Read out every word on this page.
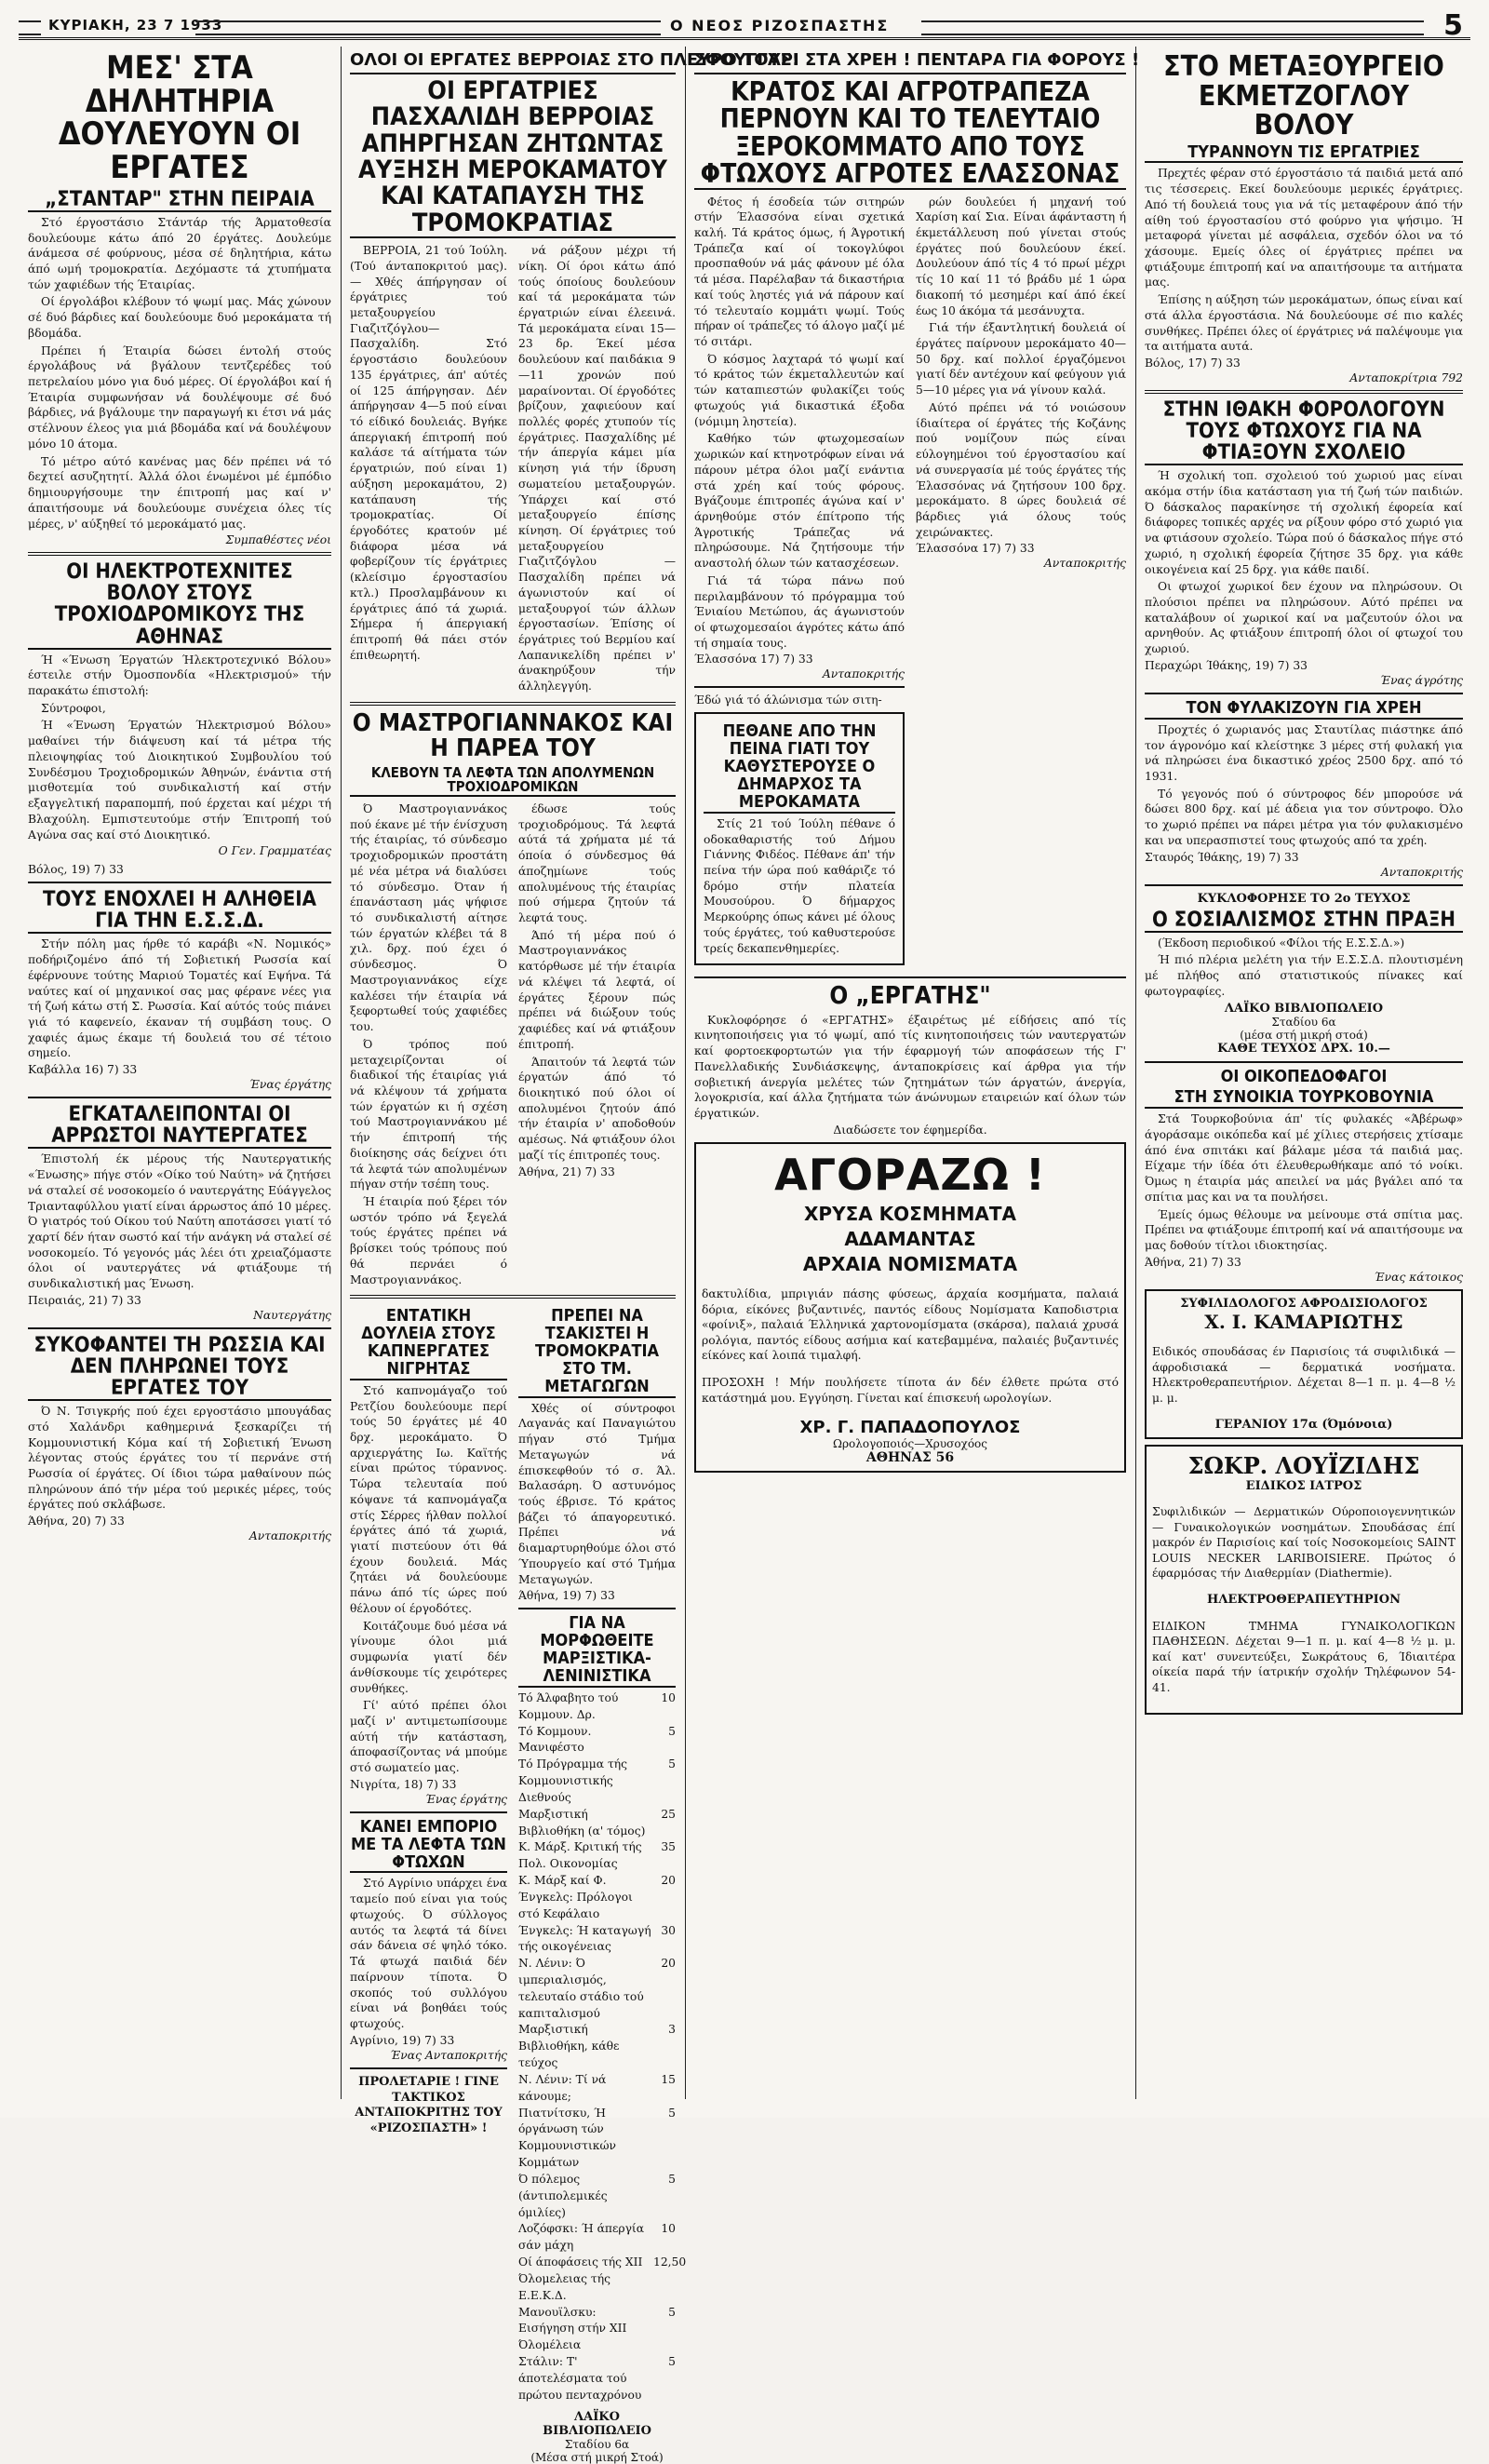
ΚΥΡΙΑΚΗ, 23 7 1933	Ο ΝΕΟΣ ΡΙΖΟΣΠΑΣΤΗΣ	5
ΜΕΣ' ΣΤΑ ΔΗΛΗΤΗΡΙΑ ΔΟΥΛΕΥΟΥΝ ΟΙ ΕΡΓΑΤΕΣ
„ΣΤΑΝΤΑΡ" ΣΤΗΝ ΠΕΙΡΑΙΑ

Στό έργοστάσιο Στάντάρ τής Άρματοθεσία δουλεύουμε κάτω άπό 20 έργάτες. Δουλεύμε άνάμεσα σέ φούρνους, μέσα σέ δηλητήρια, κάτω άπό ωμή τρομοκρατία. Δεχόμαστε τά χτυπήματα τών χαφιέδων τής Έταιρίας.

Οί έργολάβοι κλέβουν τό ψωμί μας. Μάς χώνουν σέ δυό βάρδιες καί δουλεύουμε δυό μεροκάματα τή βδομάδα.

Πρέπει ή Έταιρία δώσει έντολή στούς έργολάβους νά βγάλουν τεντζερέδες τού πετρελαίου μόνο για δυό μέρες. Οί έργολάβοι καί ή Έταιρία συμφωνήσαν νά δουλέψουμε σέ δυό βάρδιες, νά βγάλουμε την παραγωγή κι έτσι νά μάς στέλνουν έλεος για μιά βδομάδα καί νά δουλέψουν μόνο 10 άτομα.

Τό μέτρο αύτό κανένας μας δέν πρέπει νά τό δεχτεί ασυζητητί. Άλλά όλοι ένωμένοι μέ έμπόδιο δημιουργήσουμε την έπιτροπή μας καί ν' άπαιτήσουμε νά δουλεύουμε συνέχεια όλες τίς μέρες, ν' αύξηθεί τό μεροκάματό μας.

Συμπαθέστες νέοι
ΟΙ ΗΛΕΚΤΡΟΤΕΧΝΙΤΕΣ ΒΟΛΟΥ ΣΤΟΥΣ ΤΡΟΧΙΟΔΡΟΜΙΚΟΥΣ ΤΗΣ ΑΘΗΝΑΣ

Ή «Ένωση Έργατών Ήλεκτροτεχνικό Βόλου» έστειλε στήν Όμοσπονδία «Ηλεκτρισμού» τήν παρακάτω έπιστολή:

Σύντροφοι,

Ή «Ένωση Έργατών Ήλεκτρισμού Βόλου» μαθαίνει τήν διάψευση καί τά μέτρα τής πλειοψηφίας τού Διοικητικού Συμβουλίου τού Συνδέσμου Τροχιοδρομικών Άθηνών, ένάντια στή μισθοτεμία τού συνδικαλιστή καί στήν εξαγγελτική παραπομπή, πού έρχεται καί μέχρι τή Βλαχούλη. Εμπιστευτούμε στήν Έπιτροπή τού Αγώνα σας καί στό Διοικητικό.

Ο Γεν. Γραμματέας
Βόλος, 19) 7) 33
ΤΟΥΣ ΕΝΟΧΛΕΙ Η ΑΛΗΘΕΙΑ ΓΙΑ ΤΗΝ Ε.Σ.Σ.Δ.

Στήν πόλη μας ήρθε τό καράβι «Ν. Νομικός» ποδήριζομένο άπό τή Σοβιετική Ρωσσία καί έφέρνουνε τούτης Μαριού Τοματές καί Εψήνα. Τά ναύτες καί οί μηχανικοί σας μας φέρανε νέες για τή ζωή κάτω στή Σ. Ρωσσία. Καί αύτός τούς πιάνει γιά τό καφενείο, έκαναν τή συμβάση τους. Ο χαφιές άμως έκαμε τή δουλειά του σέ τέτοιο σημείο.

Καβάλλα 16) 7) 33
Ένας έργάτης
ΕΓΚΑΤΑΛΕΙΠΟΝΤΑΙ ΟΙ ΑΡΡΩΣΤΟΙ ΝΑΥΤΕΡΓΑΤΕΣ

Έπιστολή έκ μέρους τής Ναυτεργατικής «Ένωσης» πήγε στόν «Οίκο τού Ναύτη» νά ζητήσει νά σταλεί σέ νοσοκομείο ό ναυτεργάτης Εύάγγελος Τριανταφύλλου γιατί είναι άρρωστος άπό 10 μέρες. Ό γιατρός τού Οίκου τού Ναύτη αποτάσσει γιατί τό χαρτί δέν ήταν σωστό καί τήν ανάγκη νά σταλεί σέ νοσοκομείο. Τό γεγονός μάς λέει ότι χρειαζόμαστε όλοι οί ναυτεργάτες νά φτιάξουμε τή συνδικαλιστική μας Ένωση.

Πειραιάς, 21) 7) 33
Ναυτεργάτης
ΣΥΚΟΦΑΝΤΕΙ ΤΗ ΡΩΣΣΙΑ ΚΑΙ ΔΕΝ ΠΛΗΡΩΝΕΙ ΤΟΥΣ ΕΡΓΑΤΕΣ ΤΟΥ

Ό Ν. Τσιγκρής πού έχει εργοστάσιο μπουγάδας στό Χαλάνδρι καθημερινά ξεσκαρίζει τή Κομμουνιστική Κόμα καί τή Σοβιετική Ένωση λέγοντας στούς έργάτες του τί περνάνε στή Ρωσσία οί έργάτες. Οί ίδιοι τώρα μαθαίνουν πώς πληρώνουν άπό τήν μέρα τού μερικές μέρες, τούς έργάτες πού σκλάβωσε.

Άθήνα, 20) 7) 33
Ανταποκριτής
ΟΛΟΙ ΟΙ ΕΡΓΑΤΕΣ ΒΕΡΡΟΙΑΣ ΣΤΟ ΠΛΕΥΡΟ ΤΟΥΣ!
ΟΙ ΕΡΓΑΤΡΙΕΣ ΠΑΣΧΑΛΙΔΗ ΒΕΡΡΟΙΑΣ ΑΠΗΡΓΗΣΑΝ ΖΗΤΩΝΤΑΣ ΑΥΞΗΣΗ ΜΕΡΟΚΑΜΑΤΟΥ ΚΑΙ ΚΑΤΑΠΑΥΣΗ ΤΗΣ ΤΡΟΜΟΚΡΑΤΙΑΣ

ΒΕΡΡΟΙΑ, 21 τού Ίούλη. (Τού άνταποκριτού μας). — Χθές άπήργησαν οί έργάτριες τού μεταξουργείου Γιαζιτζόγλου—Πασχαλίδη. Στό έργοστάσιο δουλεύουν 135 έργάτριες, άπ' αύτές οί 125 άπήργησαν. Δέν άπήργησαν 4—5 πού είναι τό είδικό δουλειάς. Βγήκε άπεργιακή έπιτροπή πού καλάσε τά αίτήματα τών έργατριών, πού είναι 1) αύξηση μεροκαμάτου, 2) κατάπαυση τής τρομοκρατίας. Οί έργοδότες κρατούν μέ διάφορα μέσα νά φοβερίζουν τίς έργάτριες (κλείσιμο έργοστασίου κτλ.) Προσλαμβάνουν κι έργάτριες άπό τά χωριά. Σήμερα ή άπεργιακή έπιτροπή θά πάει στόν έπιθεωρητή.

νά ράξουν μέχρι τή νίκη. Οί όροι κάτω άπό τούς όποίους δουλεύουν καί τά μεροκάματα τών έργατριών είναι έλεεινά. Τά μεροκάματα είναι 15—23 δρ. Έκεί μέσα δουλεύουν καί παιδάκια 9—11 χρονών πού μαραίνονται. Οί έργοδότες βρίζουν, χαφιεύουν καί πολλές φορές χτυπούν τίς έργάτριες. Πασχαλίδης μέ τήν άπεργία κάμει μία κίνηση γιά τήν ίδρυση σωματείου μεταξουργών. Ύπάρχει καί στό μεταξουργείο έπίσης κίνηση. Οί έργάτριες τού μεταξουργείου Γιαζιτζόγλου — Πασχαλίδη πρέπει νά άγωνιστούν καί οί μεταξουργοί τών άλλων έργοστασίων. Έπίσης οί έργάτριες τού Βερμίου καί Λαπανικελίδη πρέπει ν' άνακηρύξουν τήν άλληλεγγύη.

Ο ΜΑΣΤΡΟΓΙΑΝΝΑΚΟΣ ΚΑΙ Η ΠΑΡΕΑ ΤΟΥ
ΚΛΕΒΟΥΝ ΤΑ ΛΕΦΤΑ ΤΩΝ ΑΠΟΛΥΜΕΝΩΝ ΤΡΟΧΙΟΔΡΟΜΙΚΩΝ

Ό Μαστρογιαννάκος πού έκανε μέ τήν ένίσχυση τής έταιρίας, τό σύνδεσμο τροχιοδρομικών προστάτη μέ νέα μέτρα νά διαλύσει τό σύνδεσμο. Όταν ή έπανάσταση μάς ψήφισε τό συνδικαλιστή αίτησε τών έργατών κλέβει τά 8 χιλ. δρχ. πού έχει ό σύνδεσμος. Ό Μαστρογιαννάκος είχε καλέσει τήν έταιρία νά ξεφορτωθεί τούς χαφιέδες του.

Ό τρόπος πού μεταχειρίζονται οί διαδικοί τής έταιρίας γιά νά κλέψουν τά χρήματα τών έργατών κι ή σχέση τού Μαστρογιαννάκου μέ τήν έπιτροπή τής διοίκησης σάς δείχνει ότι τά λεφτά τών απολυμένων πήγαν στήν τσέπη τους.

Ή έταιρία πού ξέρει τόν ωστόν τρόπο νά ξεγελά τούς έργάτες πρέπει νά βρίσκει τούς τρόπους πού θά περνάει ό Μαστρογιαννάκος.

έδωσε τούς τροχιοδρόμους. Τά λεφτά αύτά τά χρήματα μέ τά όποία ό σύνδεσμος θά άποζημίωνε τούς απολυμένους τής έταιρίας πού σήμερα ζητούν τά λεφτά τους.

Άπό τή μέρα πού ό Μαστρογιαννάκος κατόρθωσε μέ τήν έταιρία νά κλέψει τά λεφτά, οί έργάτες ξέρουν πώς πρέπει νά διώξουν τούς χαφιέδες καί νά φτιάξουν έπιτροπή.

Άπαιτούν τά λεφτά τών έργατών άπό τό διοικητικό πού όλοι οί απολυμένοι ζητούν άπό τήν έταιρία ν' αποδοθούν αμέσως. Νά φτιάξουν όλοι μαζί τίς έπιτροπές τους.

Άθήνα, 21) 7) 33
ΕΝΤΑΤΙΚΗ ΔΟΥΛΕΙΑ ΣΤΟΥΣ ΚΑΠΝΕΡΓΑΤΕΣ ΝΙΓΡΗΤΑΣ

Στό καπνομάγαζο τού Ρετζίου δουλεύουμε περί τούς 50 έργάτες μέ 40 δρχ. μεροκάματο. Ό αρχιεργάτης Ιω. Καϊτής είναι πρώτος τύραννος. Τώρα τελευταία πού κόψανε τά καπνομάγαζα στίς Σέρρες ήλθαν πολλοί έργάτες άπό τά χωριά, γιατί πιστεύουν ότι θά έχουν δουλειά. Μάς ζητάει νά δουλεύουμε πάνω άπό τίς ώρες πού θέλουν οί έργοδότες.

Κοιτάζουμε δυό μέσα νά γίνουμε όλοι μιά συμφωνία γιατί δέν άνθίσκουμε τίς χειρότερες συνθήκες.

Γί' αύτό πρέπει όλοι μαζί ν' αντιμετωπίσουμε αύτή τήν κατάσταση, άποφασίζοντας νά μπούμε στό σωματείο μας.

Νιγρίτα, 18) 7) 33
Ένας έργάτης
ΚΑΝΕΙ ΕΜΠΟΡΙΟ ΜΕ ΤΑ ΛΕΦΤΑ ΤΩΝ ΦΤΩΧΩΝ

Στό Αγρίνιο υπάρχει ένα ταμείο πού είναι για τούς φτωχούς. Ό σύλλογος αυτός τα λεφτά τά δίνει σάν δάνεια σέ ψηλό τόκο. Τά φτωχά παιδιά δέν παίρνουν τίποτα. Ό σκοπός τού συλλόγου είναι νά βοηθάει τούς φτωχούς.

Αγρίνιο, 19) 7) 33
Ένας Ανταποκριτής
ΠΡΟΛΕΤΑΡΙΕ ! ΓΙΝΕ ΤΑΚΤΙΚΟΣ ΑΝΤΑΠΟΚΡΙΤΗΣ ΤΟΥ «ΡΙΖΟΣΠΑΣΤΗ» !
ΠΡΕΠΕΙ ΝΑ ΤΣΑΚΙΣΤΕΙ Η ΤΡΟΜΟΚΡΑΤΙΑ ΣΤΟ ΤΜ. ΜΕΤΑΓΩΓΩΝ

Χθές οί σύντροφοι Λαγανάς καί Παναγιώτου πήγαν στό Τμήμα Μεταγωγών νά έπισκεφθούν τό σ. Άλ. Βαλασάρη. Ό αστυνόμος τούς έβρισε. Τό κράτος βάζει τό άπαγορευτικό. Πρέπει νά διαμαρτυρηθούμε όλοι στό Ύπουργείο καί στό Τμήμα Μεταγωγών.

Άθήνα, 19) 7) 33
ΓΙΑ ΝΑ ΜΟΡΦΩΘΕΙΤΕ ΜΑΡΞΙΣΤΙΚΑ-ΛΕΝΙΝΙΣΤΙΚΑ
Τό Άλφαβητο τού Κομμουν. Δρ.
10
Τό Κομμουν. Μανιφέστο
5
Τό Πρόγραμμα τής Κομμουνιστικής Διεθνούς
5
Μαρξιστική Βιβλιοθήκη (α' τόμος)
25
Κ. Μάρξ. Κριτική τής Πολ. Οικονομίας
35
Κ. Μάρξ καί Φ. Ένγκελς: Πρόλογοι στό Κεφάλαιο
20
Ένγκελς: Ή καταγωγή τής οικογένειας
30
Ν. Λένιν: Ό ιμπεριαλισμός, τελευταίο στάδιο τού καπιταλισμού
20
Μαρξιστική Βιβλιοθήκη, κάθε τεύχος
3
Ν. Λένιν: Τί νά κάνουμε;
15
Πιατνίτσκυ, Ή όργάνωση τών Κομμουνιστικών Κομμάτων
5
Ό πόλεμος (άντιπολεμικές όμιλίες)
5
Λοζόφσκι: Ή άπεργία σάν μάχη
10
Οί άποφάσεις τής XII Όλομελειας τής Ε.Ε.Κ.Δ.
12,50
Μανουϊλσκυ: Εισήγηση στήν XII Όλομέλεια
5
Στάλιν: Τ' άποτελέσματα τού πρώτου πενταχρόνου
5
ΛΑΪΚΟ ΒΙΒΛΙΟΠΩΛΕΙΟ
Σταδίου 6α
(Μέσα στή μικρή Στοά)
ΣΦΟΥΓΓΑΡΙ ΣΤΑ ΧΡΕΗ ! ΠΕΝΤΑΡΑ ΓΙΑ ΦΟΡΟΥΣ !
ΚΡΑΤΟΣ ΚΑΙ ΑΓΡΟΤΡΑΠΕΖΑ ΠΕΡΝΟΥΝ ΚΑΙ ΤΟ ΤΕΛΕΥΤΑΙΟ ΞΕΡΟΚΟΜΜΑΤΟ ΑΠΟ ΤΟΥΣ ΦΤΩΧΟΥΣ ΑΓΡΟΤΕΣ ΕΛΑΣΣΟΝΑΣ

Φέτος ή έσοδεία τών σιτηρών στήν Έλασσόνα είναι σχετικά καλή. Τά κράτος όμως, ή Άγροτική Τράπεζα καί οί τοκογλύφοι προσπαθούν νά μάς φάνουν μέ όλα τά μέσα. Παρέλαβαν τά δικαστήρια καί τούς ληστές γιά νά πάρουν καί τό τελευταίο κομμάτι ψωμί. Τούς πήραν οί τράπεζες τό άλογο μαζί μέ τό σιτάρι.

Ό κόσμος λαχταρά τό ψωμί καί τό κράτος τών έκμεταλλευτών καί τών καταπιεστών φυλακίζει τούς φτωχούς γιά δικαστικά έξοδα (νόμιμη ληστεία).

Καθήκο τών φτωχομεσαίων χωρικών καί κτηνοτρόφων είναι νά πάρουν μέτρα όλοι μαζί ενάντια στά χρέη καί τούς φόρους. Βγάζουμε έπιτροπές άγώνα καί ν' άρνηθούμε στόν έπίτροπο τής Άγροτικής Τράπεζας νά πληρώσουμε. Νά ζητήσουμε τήν αναστολή όλων τών κατασχέσεων.

Γιά τά τώρα πάνω πού περιλαμβάνουν τό πρόγραμμα τού Ένιαίου Μετώπου, άς άγωνιστούν οί φτωχομεσαίοι άγρότες κάτω άπό τή σημαία τους.

Έλασσόνα 17) 7) 33
Ανταποκριτής
Έδώ γιά τό άλώνισμα τών σιτη-
ΠΕΘΑΝΕ ΑΠΟ ΤΗΝ ΠΕΙΝΑ ΓΙΑΤΙ ΤΟΥ ΚΑΘΥΣΤΕΡΟΥΣΕ Ο ΔΗΜΑΡΧΟΣ ΤΑ ΜΕΡΟΚΑΜΑΤΑ

Στίς 21 τού Ίούλη πέθανε ό οδοκαθαριστής τού Δήμου Γιάννης Φιδέος. Πέθανε άπ' τήν πείνα τήν ώρα πού καθάριζε τό δρόμο στήν πλατεία Μουσούρου. Ό δήμαρχος Μερκούρης όπως κάνει μέ όλους τούς έργάτες, τού καθυστερούσε τρείς δεκαπενθημερίες.

ρών δουλεύει ή μηχανή τού Χαρίση καί Σια. Είναι άφάνταστη ή έκμετάλλευση πού γίνεται στούς έργάτες πού δουλεύουν έκεί. Δουλεύουν άπό τίς 4 τό πρωί μέχρι τίς 10 καί 11 τό βράδυ μέ 1 ώρα διακοπή τό μεσημέρι καί άπό έκεί έως 10 άκόμα τά μεσάνυχτα.

Γιά τήν έξαντλητική δουλειά οί έργάτες παίρνουν μεροκάματο 40—50 δρχ. καί πολλοί έργαζόμενοι γιατί δέν αντέχουν καί φεύγουν γιά 5—10 μέρες για νά γίνουν καλά.

Αύτό πρέπει νά τό νοιώσουν ίδιαίτερα οί έργάτες τής Κοζάνης πού νομίζουν πώς είναι εύλογημένοι τού έργοστασίου καί νά συνεργασία μέ τούς έργάτες τής Έλασσόνας νά ζητήσουν 100 δρχ. μεροκάματο. 8 ώρες δουλειά σέ βάρδιες γιά όλους τούς χειρώνακτες.

Έλασσόνα 17) 7) 33
Ανταποκριτής
Ο „ΕΡΓΑΤΗΣ"

Κυκλοφόρησε ό «ΕΡΓΑΤΗΣ» έξαιρέτως μέ είδήσεις από τίς κινητοποιήσεις για τό ψωμί, από τίς κινητοποιήσεις τών ναυτεργατών καί φορτοεκφορτωτών για τήν έφαρμογή τών αποφάσεων τής Γ' Πανελλαδικής Συνδιάσκεψης, άνταποκρίσεις καί άρθρα για τήν σοβιετική άνεργία μελέτες τών ζητημάτων τών άργατών, άνεργία, λογοκρισία, καί άλλα ζητήματα τών άνώνυμων εταιρειών καί όλων τών έργατικών.

Διαδώσετε τον έφημερίδα.
ΑΓΟΡΑΖΩ !
ΧΡΥΣΑ ΚΟΣΜΗΜΑΤΑ
ΑΔΑΜΑΝΤΑΣ
ΑΡΧΑΙΑ ΝΟΜΙΣΜΑΤΑ

δακτυλίδια, μπριγιάν πάσης φύσεως, άρχαία κοσμήματα, παλαιά δόρια, είκόνες βυζαντινές, παντός είδους Νομίσματα Καποδιστρια «φοίνιξ», παλαιά Έλληνικά χαρτονομίσματα (σκάρσα), παλαιά χρυσά ρολόγια, παντός είδους ασήμια καί κατεβαμμένα, παλαιές βυζαντινές είκόνες καί λοιπά τιμαλφή.

ΠΡΟΣΟΧΗ ! Μήν πουλήσετε τίποτα άν δέν έλθετε πρώτα στό κατάστημά μου. Εγγύηση. Γίνεται καί έπισκευή ωρολογίων.

ΧΡ. Γ. ΠΑΠΑΔΟΠΟΥΛΟΣ
Ωρολογοποιός—Χρυσοχόος
ΑΘΗΝΑΣ 56
ΣΤΟ ΜΕΤΑΞΟΥΡΓΕΙΟ ΕΚΜΕΤΖΟΓΛΟΥ ΒΟΛΟΥ
ΤΥΡΑΝΝΟΥΝ ΤΙΣ ΕΡΓΑΤΡΙΕΣ

Πρεχτές φέραν στό έργοστάσιο τά παιδιά μετά από τις τέσσερεις. Εκεί δουλεύουμε μερικές έργάτριες. Από τή δουλειά τους για νά τίς μεταφέρουν άπό τήν αίθη τού έργοστασίου στό φούρνο για ψήσιμο. Ή μεταφορά γίνεται μέ ασφάλεια, σχεδόν όλοι να τό χάσουμε. Εμείς όλες οί έργάτριες πρέπει να φτιάξουμε έπιτροπή καί να απαιτήσουμε τα αιτήματα μας.

Έπίσης η αύξηση τών μεροκάματων, όπως είναι καί στά άλλα έργοστάσια. Νά δουλεύουμε σέ πιο καλές συνθήκες. Πρέπει όλες οί έργάτριες νά παλέψουμε για τα αιτήματα αυτά.

Βόλος, 17) 7) 33
Ανταποκρίτρια 792
ΣΤΗΝ ΙΘΑΚΗ ΦΟΡΟΛΟΓΟΥΝ ΤΟΥΣ ΦΤΩΧΟΥΣ ΓΙΑ ΝΑ ΦΤΙΑΞΟΥΝ ΣΧΟΛΕΙΟ

Ή σχολική τοπ. σχολειού τού χωριού μας είναι ακόμα στήν ίδια κατάσταση για τή ζωή τών παιδιών. Ό δάσκαλος παρακίνησε τή σχολική έφορεία καί διάφορες τοπικές αρχές να ρίξουν φόρο στό χωριό για να φτιάσουν σχολείο. Τώρα πού ό δάσκαλος πήγε στό χωριό, η σχολική έφορεία ζήτησε 35 δρχ. για κάθε οικογένεια καί 25 δρχ. για κάθε παιδί.

Οι φτωχοί χωρικοί δεν έχουν να πληρώσουν. Οι πλούσιοι πρέπει να πληρώσουν. Αύτό πρέπει να καταλάβουν οί χωρικοί καί να μαζευτούν όλοι να αρνηθούν. Ας φτιάξουν έπιτροπή όλοι οί φτωχοί του χωριού.

Περαχώρι Ίθάκης, 19) 7) 33
Ένας άγρότης
ΤΟΝ ΦΥΛΑΚΙΖΟΥΝ ΓΙΑ ΧΡΕΗ

Προχτές ό χωριανός μας Σταυτίλας πιάστηκε άπό τον άγρονόμο καί κλείστηκε 3 μέρες στή φυλακή για νά πληρώσει ένα δικαστικό χρέος 2500 δρχ. από τό 1931.

Τό γεγονός πού ό σύντροφος δέν μπορούσε νά δώσει 800 δρχ. καί μέ άδεια για τον σύντροφο. Όλο το χωριό πρέπει να πάρει μέτρα για τόν φυλακισμένο και να υπερασπιστεί τους φτωχούς από τα χρέη.

Σταυρός Ίθάκης, 19) 7) 33
Ανταποκριτής
ΚΥΚΛΟΦΟΡΗΣΕ ΤΟ 2ο ΤΕΥΧΟΣ
Ο ΣΟΣΙΑΛΙΣΜΟΣ ΣΤΗΝ ΠΡΑΞΗ

(Έκδοση περιοδικού «Φίλοι τής Ε.Σ.Σ.Δ.»)

Ή πιό πλέρια μελέτη για τήν Ε.Σ.Σ.Δ. πλουτισμένη μέ πλήθος από στατιστικούς πίνακες καί φωτογραφίες.

ΛΑΪΚΟ ΒΙΒΛΙΟΠΩΛΕΙΟ
Σταδίου 6α
(μέσα στή μικρή στοά)
ΚΑΘΕ ΤΕΥΧΟΣ ΔΡΧ. 10.—
ΟΙ ΟΙΚΟΠΕΔΟΦΑΓΟΙ
ΣΤΗ ΣΥΝΟΙΚΙΑ ΤΟΥΡΚΟΒΟΥΝΙΑ

Στά Τουρκοβούνια άπ' τίς φυλακές «Άβέρωφ» άγοράσαμε οικόπεδα καί μέ χίλιες στερήσεις χτίσαμε άπό ένα σπιτάκι καί βάλαμε μέσα τά παιδιά μας. Είχαμε τήν ίδέα ότι έλευθερωθήκαμε από τό νοίκι. Όμως η έταιρία μάς απειλεί να μάς βγάλει από τα σπίτια μας και να τα πουλήσει.

Έμείς όμως θέλουμε να μείνουμε στά σπίτια μας. Πρέπει να φτιάξουμε έπιτροπή καί νά απαιτήσουμε να μας δοθούν τίτλοι ιδιοκτησίας.

Άθήνα, 21) 7) 33
Ένας κάτοικος
ΣΥΦΙΛΙΔΟΛΟΓΟΣ ΑΦΡΟΔΙΣΙΟΛΟΓΟΣ
Χ. Ι. ΚΑΜΑΡΙΩΤΗΣ

Ειδικός σπουδάσας έν Παρισίοις τά συφιλιδικά — άφροδισιακά — δερματικά νοσήματα. Ηλεκτροθεραπευτήριον. Δέχεται 8—1 π. μ. 4—8 ½ μ. μ.

ΓΕΡΑΝΙΟΥ 17α (Όμόνοια)
ΣΩΚΡ. ΛΟΥΪΖΙΔΗΣ
ΕΙΔΙΚΟΣ ΙΑΤΡΟΣ

Συφιλιδικών — Δερματικών Ούροποιογεννητικών — Γυναικολογικών νοσημάτων. Σπουδάσας έπί μακρόν έν Παρισίοις καί τοίς Νοσοκομείοις SAINT LOUIS NECKER LARIBOISIERE. Πρώτος ό έφαρμόσας τήν Διαθερμίαν (Diathermie).

ΗΛΕΚΤΡΟΘΕΡΑΠΕΥΤΗΡΙΟΝ

ΕΙΔΙΚΟΝ ΤΜΗΜΑ ΓΥΝΑΙΚΟΛΟΓΙΚΩΝ ΠΑΘΗΣΕΩΝ. Δέχεται 9—1 π. μ. καί 4—8 ½ μ. μ. καί κατ' συνεντεύξει, Σωκράτους 6, Ίδιαιτέρα οίκεία παρά τήν ίατρικήν σχολήν Τηλέφωνον 54-41.
